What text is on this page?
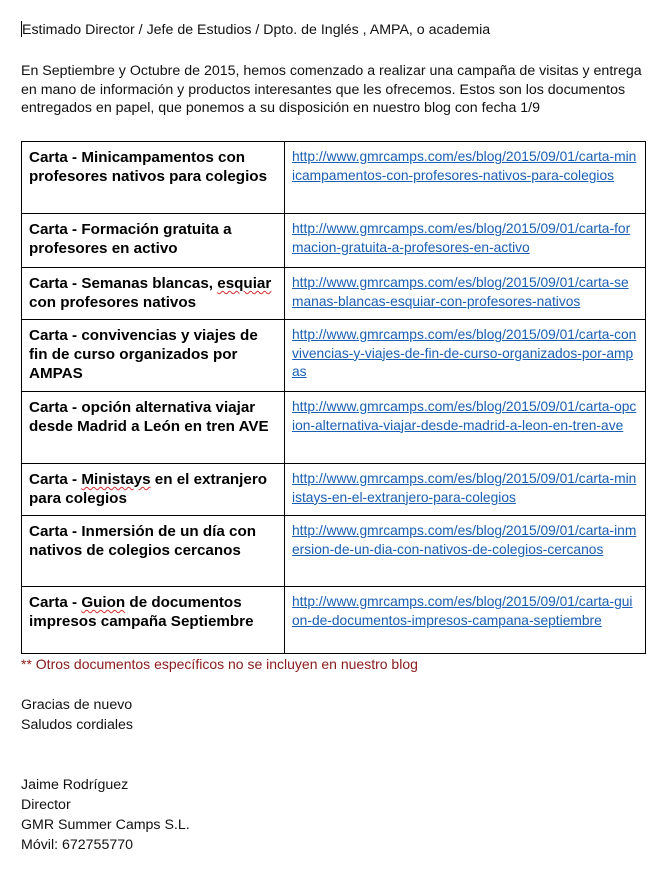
Estimado Director / Jefe de Estudios / Dpto. de Inglés , AMPA, o academia

En Septiembre y Octubre de 2015, hemos comenzado a realizar una campaña de visitas y entrega en mano de información y productos interesantes que les ofrecemos. Estos son los documentos entregados en papel, que ponemos a su disposición en nuestro blog con fecha 1/9

Carta - Minicampamentos con profesores nativos para colegios	http://www.gmrcamps.com/es/blog/2015/09/01/carta-minicampamentos-con-profesores-nativos-para-colegios
Carta - Formación gratuita a profesores en activo	http://www.gmrcamps.com/es/blog/2015/09/01/carta-formacion-gratuita-a-profesores-en-activo
Carta - Semanas blancas, esquiar con profesores nativos	http://www.gmrcamps.com/es/blog/2015/09/01/carta-semanas-blancas-esquiar-con-profesores-nativos
Carta - convivencias y viajes de fin de curso organizados por AMPAS	http://www.gmrcamps.com/es/blog/2015/09/01/carta-convivencias-y-viajes-de-fin-de-curso-organizados-por-ampas
Carta - opción alternativa viajar desde Madrid a León en tren AVE	http://www.gmrcamps.com/es/blog/2015/09/01/carta-opcion-alternativa-viajar-desde-madrid-a-leon-en-tren-ave
Carta - Ministays en el extranjero para colegios	http://www.gmrcamps.com/es/blog/2015/09/01/carta-ministays-en-el-extranjero-para-colegios
Carta - Inmersión de un día con nativos de colegios cercanos	http://www.gmrcamps.com/es/blog/2015/09/01/carta-inmersion-de-un-dia-con-nativos-de-colegios-cercanos
Carta - Guion de documentos impresos campaña Septiembre	http://www.gmrcamps.com/es/blog/2015/09/01/carta-guion-de-documentos-impresos-campana-septiembre
** Otros documentos específicos no se incluyen en nuestro blog
Gracias de nuevo
Saludos cordiales
Jaime Rodríguez
Director
GMR Summer Camps S.L.
Móvil: 672755770
